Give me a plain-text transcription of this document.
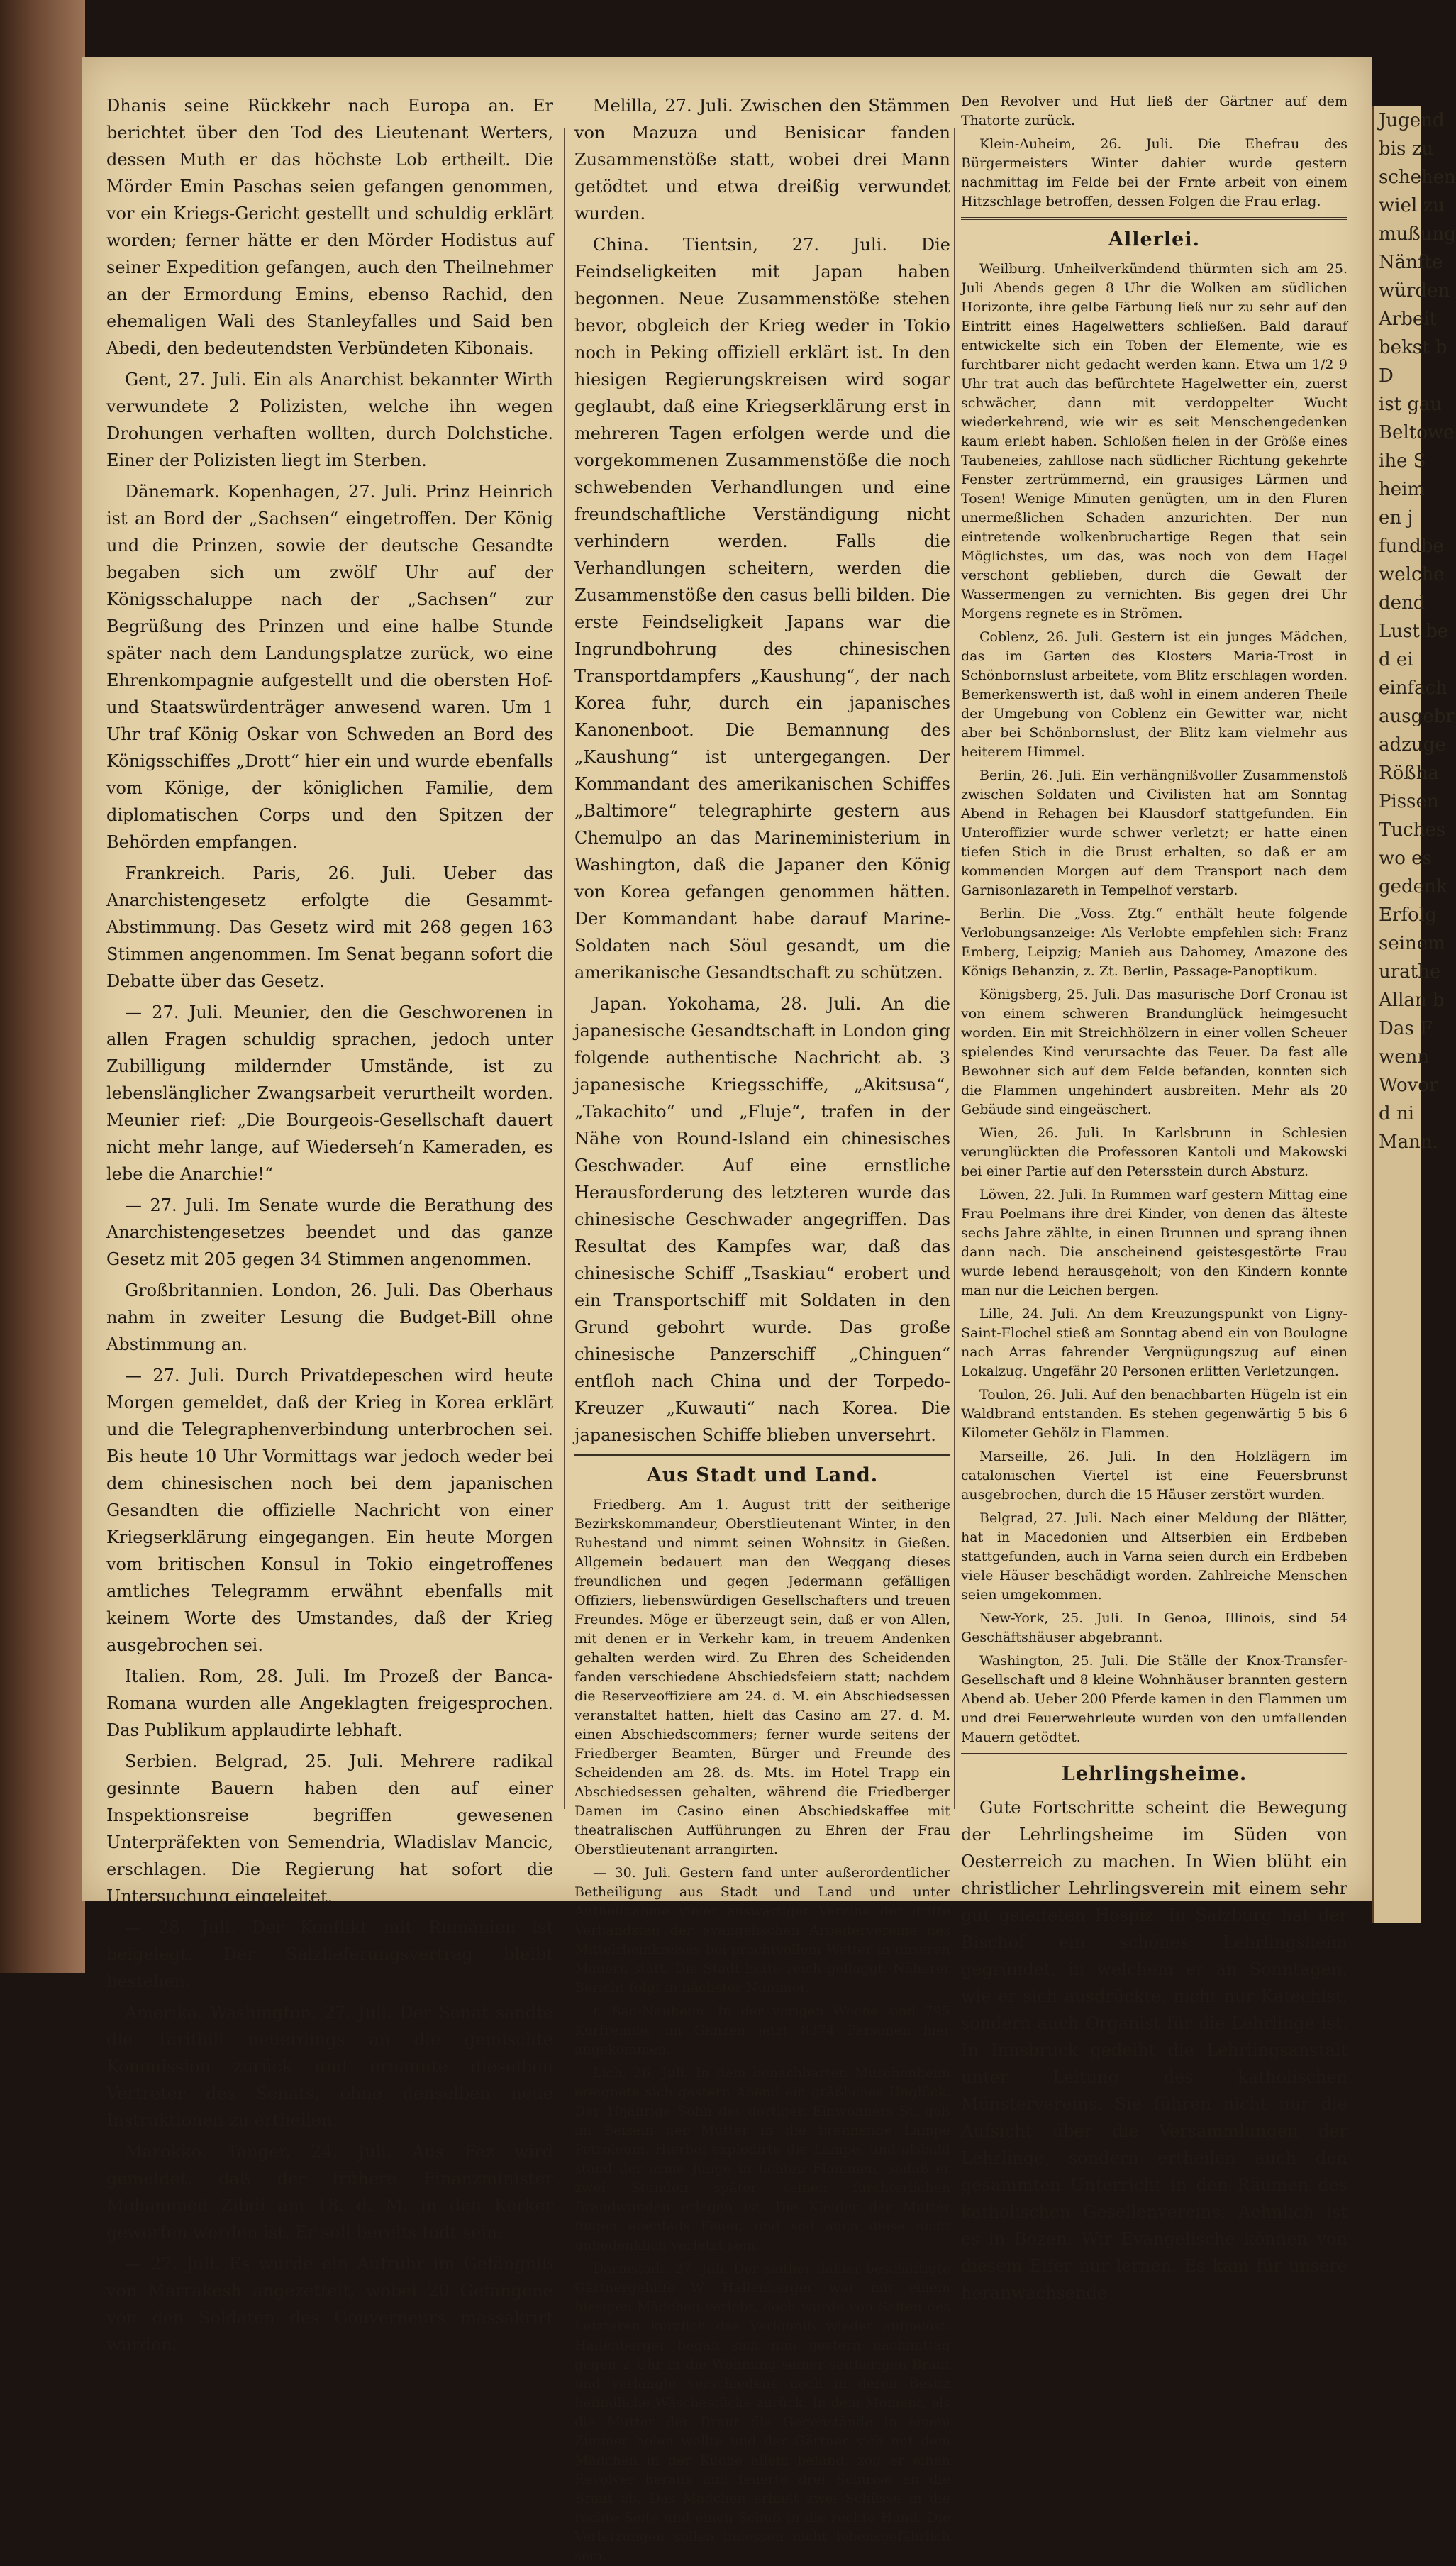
Dhanis seine Rückkehr nach Europa an. Er berichtet über den Tod des Lieutenant Werters, dessen Muth er das höchste Lob ertheilt. Die Mörder Emin Paschas seien gefangen genommen, vor ein Kriegs-Gericht gestellt und schuldig erklärt worden; ferner hätte er den Mörder Hodistus auf seiner Expedition gefangen, auch den Theilnehmer an der Ermordung Emins, ebenso Rachid, den ehemaligen Wali des Stanleyfalles und Said ben Abedi, den bedeutendsten Verbündeten Kibonais.

Gent, 27. Juli. Ein als Anarchist bekannter Wirth verwundete 2 Polizisten, welche ihn wegen Drohungen verhaften wollten, durch Dolchstiche. Einer der Polizisten liegt im Sterben.

Dänemark. Kopenhagen, 27. Juli. Prinz Heinrich ist an Bord der „Sachsen“ eingetroffen. Der König und die Prinzen, sowie der deutsche Gesandte begaben sich um zwölf Uhr auf der Königsschaluppe nach der „Sachsen“ zur Begrüßung des Prinzen und eine halbe Stunde später nach dem Landungsplatze zurück, wo eine Ehrenkompagnie aufgestellt und die obersten Hof- und Staatswürdenträger anwesend waren. Um 1 Uhr traf König Oskar von Schweden an Bord des Königsschiffes „Drott“ hier ein und wurde ebenfalls vom Könige, der königlichen Familie, dem diplomatischen Corps und den Spitzen der Behörden empfangen.

Frankreich. Paris, 26. Juli. Ueber das Anarchistengesetz erfolgte die Gesammt-Abstimmung. Das Gesetz wird mit 268 gegen 163 Stimmen angenommen. Im Senat begann sofort die Debatte über das Gesetz.

— 27. Juli. Meunier, den die Geschworenen in allen Fragen schuldig sprachen, jedoch unter Zubilligung mildernder Umstände, ist zu lebenslänglicher Zwangsarbeit verurtheilt worden. Meunier rief: „Die Bourgeois-Gesellschaft dauert nicht mehr lange, auf Wiederseh’n Kameraden, es lebe die Anarchie!“

— 27. Juli. Im Senate wurde die Berathung des Anarchistengesetzes beendet und das ganze Gesetz mit 205 gegen 34 Stimmen angenommen.

Großbritannien. London, 26. Juli. Das Oberhaus nahm in zweiter Lesung die Budget-Bill ohne Abstimmung an.

— 27. Juli. Durch Privatdepeschen wird heute Morgen gemeldet, daß der Krieg in Korea erklärt und die Telegraphenverbindung unterbrochen sei. Bis heute 10 Uhr Vormittags war jedoch weder bei dem chinesischen noch bei dem japanischen Gesandten die offizielle Nachricht von einer Kriegserklärung eingegangen. Ein heute Morgen vom britischen Konsul in Tokio eingetroffenes amtliches Telegramm erwähnt ebenfalls mit keinem Worte des Umstandes, daß der Krieg ausgebrochen sei.

Italien. Rom, 28. Juli. Im Prozeß der Banca-Romana wurden alle Angeklagten freigesprochen. Das Publikum applaudirte lebhaft.

Serbien. Belgrad, 25. Juli. Mehrere radikal gesinnte Bauern haben den auf einer Inspektionsreise begriffen gewesenen Unterpräfekten von Semendria, Wladislav Mancic, erschlagen. Die Regierung hat sofort die Untersuchung eingeleitet.

— 28. Juli. Der Konflikt mit Rumänien ist beigelegt. Der Salzlieferungsvertrag bleibt bestehen.

Amerika. Washington, 27. Juli. Der Senat sandte die Tarifbill neuerdings an die gemischte Kommission zurück und ernannte dieselben Vertreter des Senats, ohne denselben neue Instruktionen zu ertheilen.

Marokko. Tanger, 24. Juli. Aus Fez wird gemeldet, daß der frühere Finanzminister Mohammed Zibdi am 18. d. M. in den Kerker geworfen worden ist. Er soll bereits todt sein.

— 27. Juli. Es wurde ein Aufruhr im Gefängniß von Marrakesh angezettelt, wobei 20 Gefangene von den Soldaten des Gouverneurs massakrirt wurden.

Melilla, 27. Juli. Zwischen den Stämmen von Mazuza und Benisicar fanden Zusammenstöße statt, wobei drei Mann getödtet und etwa dreißig verwundet wurden.

China. Tientsin, 27. Juli. Die Feindseligkeiten mit Japan haben begonnen. Neue Zusammenstöße stehen bevor, obgleich der Krieg weder in Tokio noch in Peking offiziell erklärt ist. In den hiesigen Regierungskreisen wird sogar geglaubt, daß eine Kriegserklärung erst in mehreren Tagen erfolgen werde und die vorgekommenen Zusammenstöße die noch schwebenden Verhandlungen und eine freundschaftliche Verständigung nicht verhindern werden. Falls die Verhandlungen scheitern, werden die Zusammenstöße den casus belli bilden. Die erste Feindseligkeit Japans war die Ingrundbohrung des chinesischen Transportdampfers „Kaushung“, der nach Korea fuhr, durch ein japanisches Kanonenboot. Die Bemannung des „Kaushung“ ist untergegangen. Der Kommandant des amerikanischen Schiffes „Baltimore“ telegraphirte gestern aus Chemulpo an das Marineministerium in Washington, daß die Japaner den König von Korea gefangen genommen hätten. Der Kommandant habe darauf Marine-Soldaten nach Söul gesandt, um die amerikanische Gesandtschaft zu schützen.

Japan. Yokohama, 28. Juli. An die japanesische Gesandtschaft in London ging folgende authentische Nachricht ab. 3 japanesische Kriegsschiffe, „Akitsusa“, „Takachito“ und „Fluje“, trafen in der Nähe von Round-Island ein chinesisches Geschwader. Auf eine ernstliche Herausforderung des letzteren wurde das chinesische Geschwader angegriffen. Das Resultat des Kampfes war, daß das chinesische Schiff „Tsaskiau“ erobert und ein Transportschiff mit Soldaten in den Grund gebohrt wurde. Das große chinesische Panzerschiff „Chinguen“ entfloh nach China und der Torpedo-Kreuzer „Kuwauti“ nach Korea. Die japanesischen Schiffe blieben unversehrt.

Aus Stadt und Land.

Friedberg. Am 1. August tritt der seitherige Bezirkskommandeur, Oberstlieutenant Winter, in den Ruhestand und nimmt seinen Wohnsitz in Gießen. Allgemein bedauert man den Weggang dieses freundlichen und gegen Jedermann gefälligen Offiziers, liebenswürdigen Gesellschafters und treuen Freundes. Möge er überzeugt sein, daß er von Allen, mit denen er in Verkehr kam, in treuem Andenken gehalten werden wird. Zu Ehren des Scheidenden fanden verschiedene Abschiedsfeiern statt; nachdem die Reserveoffiziere am 24. d. M. ein Abschiedsessen veranstaltet hatten, hielt das Casino am 27. d. M. einen Abschiedscommers; ferner wurde seitens der Friedberger Beamten, Bürger und Freunde des Scheidenden am 28. ds. Mts. im Hotel Trapp ein Abschiedsessen gehalten, während die Friedberger Damen im Casino einen Abschiedskaffee mit theatralischen Aufführungen zu Ehren der Frau Oberstlieutenant arrangirten.

— 30. Juli. Gestern fand unter außerordentlicher Betheiligung aus Stadt und Land und unter Antheilnahme vieler auswärtiger Vereine der dritte Verbandstag der evangelischen Arbeitervereine des Mittelrheinkreises bei prachtvollem Wetter in unseren Mauern statt. Die Stadt hatte reich geflaggt. Näherer Bericht folgt in nächster Nummer.

r. Bad-Nauheim. In der vorigen Woche sind 795 Kurfremde, im Ganzen jetzt 8374 Personen hier angekommen.

Lich, 26. Juli. In dem benachbarten Muschenheim ereignete sich gestern Abend ein gräßliches Unglück. Der 10jährige Sohn des dortigen Einwohners St. goß im Beisein der Mutter in die brennende Lampe Petroleum. Hierbei explodirte die Lampe, und alsbald stand der arme Junge in lichten Flammen, sodaß er zwei Stunden später seinen furchterlichen Brandwunden erlegen ist. Die Kleider der Mutter fingen ebenfalls Feuer, und soll auch diese nicht unbedenklich verletzt sein.

Darmstadt, 27. Juli. Der seither dahier beschäftigte Gärtnergehilfe W. Hallenberger war mit einem hiesigen Mädchen verlobt, doch wurde von Seiten des Letzteren kürzlich das Verlöbniß wieder aufgelöst. Hallenberger begab sich nun gestern nachmittag gegen 2 Uhr in die Wohnung seiner seitherigen Braut und verlangte verschiedene noch in deren Besitz befindliche Wäschestücke zurück. In dem Moment, als die Mutter der Braut die Gegenstände in einem Zimmer holen wollte und der Gärtner sich mit dem Mädchen in der Küche allein befand, zog er einen Revolver heraus und feuerte drei Schüsse an die Braut ab. Das Mädchen erhielt zwei Schüsse in die rechte Seite und einen Schuß in die rechte Hand. Die Verletzungen sollen indessen nicht lebensgefährlich sein.

Den Revolver und Hut ließ der Gärtner auf dem Thatorte zurück.

Klein-Auheim, 26. Juli. Die Ehefrau des Bürgermeisters Winter dahier wurde gestern nachmittag im Felde bei der Frnte arbeit von einem Hitzschlage betroffen, dessen Folgen die Frau erlag.

Allerlei.

Weilburg. Unheilverkündend thürmten sich am 25. Juli Abends gegen 8 Uhr die Wolken am südlichen Horizonte, ihre gelbe Färbung ließ nur zu sehr auf den Eintritt eines Hagelwetters schließen. Bald darauf entwickelte sich ein Toben der Elemente, wie es furchtbarer nicht gedacht werden kann. Etwa um 1/2 9 Uhr trat auch das befürchtete Hagelwetter ein, zuerst schwächer, dann mit verdoppelter Wucht wiederkehrend, wie wir es seit Menschengedenken kaum erlebt haben. Schloßen fielen in der Größe eines Taubeneies, zahllose nach südlicher Richtung gekehrte Fenster zertrümmernd, ein grausiges Lärmen und Tosen! Wenige Minuten genügten, um in den Fluren unermeßlichen Schaden anzurichten. Der nun eintretende wolkenbruchartige Regen that sein Möglichstes, um das, was noch von dem Hagel verschont geblieben, durch die Gewalt der Wassermengen zu vernichten. Bis gegen drei Uhr Morgens regnete es in Strömen.

Coblenz, 26. Juli. Gestern ist ein junges Mädchen, das im Garten des Klosters Maria-Trost in Schönbornslust arbeitete, vom Blitz erschlagen worden. Bemerkenswerth ist, daß wohl in einem anderen Theile der Umgebung von Coblenz ein Gewitter war, nicht aber bei Schönbornslust, der Blitz kam vielmehr aus heiterem Himmel.

Berlin, 26. Juli. Ein verhängnißvoller Zusammenstoß zwischen Soldaten und Civilisten hat am Sonntag Abend in Rehagen bei Klausdorf stattgefunden. Ein Unteroffizier wurde schwer verletzt; er hatte einen tiefen Stich in die Brust erhalten, so daß er am kommenden Morgen auf dem Transport nach dem Garnisonlazareth in Tempelhof verstarb.

Berlin. Die „Voss. Ztg.“ enthält heute folgende Verlobungsanzeige: Als Verlobte empfehlen sich: Franz Emberg, Leipzig; Manieh aus Dahomey, Amazone des Königs Behanzin, z. Zt. Berlin, Passage-Panoptikum.

Königsberg, 25. Juli. Das masurische Dorf Cronau ist von einem schweren Brandunglück heimgesucht worden. Ein mit Streichhölzern in einer vollen Scheuer spielendes Kind verursachte das Feuer. Da fast alle Bewohner sich auf dem Felde befanden, konnten sich die Flammen ungehindert ausbreiten. Mehr als 20 Gebäude sind eingeäschert.

Wien, 26. Juli. In Karlsbrunn in Schlesien verunglückten die Professoren Kantoli und Makowski bei einer Partie auf den Petersstein durch Absturz.

Löwen, 22. Juli. In Rummen warf gestern Mittag eine Frau Poelmans ihre drei Kinder, von denen das älteste sechs Jahre zählte, in einen Brunnen und sprang ihnen dann nach. Die anscheinend geistesgestörte Frau wurde lebend herausgeholt; von den Kindern konnte man nur die Leichen bergen.

Lille, 24. Juli. An dem Kreuzungspunkt von Ligny-Saint-Flochel stieß am Sonntag abend ein von Boulogne nach Arras fahrender Vergnügungszug auf einen Lokalzug. Ungefähr 20 Personen erlitten Verletzungen.

Toulon, 26. Juli. Auf den benachbarten Hügeln ist ein Waldbrand entstanden. Es stehen gegenwärtig 5 bis 6 Kilometer Gehölz in Flammen.

Marseille, 26. Juli. In den Holzlägern im catalonischen Viertel ist eine Feuersbrunst ausgebrochen, durch die 15 Häuser zerstört wurden.

Belgrad, 27. Juli. Nach einer Meldung der Blätter, hat in Macedonien und Altserbien ein Erdbeben stattgefunden, auch in Varna seien durch ein Erdbeben viele Häuser beschädigt worden. Zahlreiche Menschen seien umgekommen.

New-York, 25. Juli. In Genoa, Illinois, sind 54 Geschäftshäuser abgebrannt.

Washington, 25. Juli. Die Ställe der Knox-Transfer-Gesellschaft und 8 kleine Wohnhäuser brannten gestern Abend ab. Ueber 200 Pferde kamen in den Flammen um und drei Feuerwehrleute wurden von den umfallenden Mauern getödtet.

Lehrlingsheime.

Gute Fortschritte scheint die Bewegung der Lehrlingsheime im Süden von Oesterreich zu machen. In Wien blüht ein christlicher Lehrlingsverein mit einem sehr gut geleiteten Hospiz. In Salzburg hat der Bischof ein schönes Lehrlingsheim gegründet, in welchem er an Sonntagen, wie er sich ausdrückte, nicht nur Katechist, sondern auch Organist für die Lehrlinge ist. In Innsbruck gedeiht die Lehrlingsanstalt unter Leitung des katholischen Münstervereins. Sie führen nicht nur die Aufsicht über die Versammlungen der Lehrlinge, sondern ertheilen auch den gesammten Unterricht in den Räumen des katholischen Gesellenvereins. Aehnlich ist es in Bozen. Wir Evangelische können von diesem Eifer nur lernen. Es kam für unsere heranwachsende

Jugend

bis zu

schehen

wiel zu

mußung

Nänfte

würden

Arbeit

bekst b

D

ist gau

Beltowe

ihe S

heim

en j

fundbe

welche

dend

Lust be

d ei

einfach

ausgebr

adzuge

Rößha

Pissen

Tuches

wo es

gedenk

Erfolg

seinem

urathe

Allan b

Das F

wenn

Wovor

d ni

Mann.
